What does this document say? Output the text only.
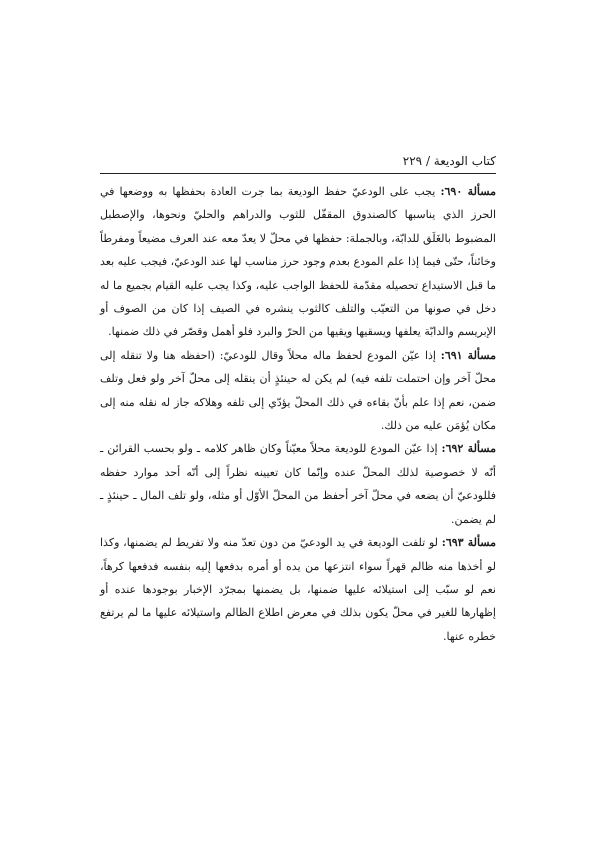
كتاب الوديعة / ٢٢٩

مسألة ٦٩٠: يجب على الودعيّ حفظ الوديعة بما جرت العادة بحفظها به ووضعها في الحرز الذي يناسبها كالصندوق المقفّل للثوب والدراهم والحليّ ونحوها، والإصطبل المضبوط بالغَلَق للدابّة، وبالجملة: حفظها في محلّ لا يعدّ معه عند العرف مضيعاً ومفرطاً وخائناً، حتّى فيما إذا علم المودع بعدم وجود حرز مناسب لها عند الودعيّ، فيجب عليه بعد ما قبل الاستيداع تحصيله مقدّمة للحفظ الواجب عليه، وكذا يجب عليه القيام بجميع ما له دخل في صونها من التعيّب والتلف كالثوب ينشره في الصيف إذا كان من الصوف أو الإبريسم والدابّة يعلفها ويسقيها ويقيها من الحرّ والبرد فلو أهمل وقصّر في ذلك ضمنها.

مسألة ٦٩١: إذا عيّن المودع لحفظ ماله محلاً وقال للودعيّ: (احفظه هنا ولا تنقله إلى محلّ آخر وإن احتملت تلفه فيه) لم يكن له حينئذٍ أن ينقله إلى محلّ آخر ولو فعل وتلف ضمن، نعم إذا علم بأنّ بقاءه في ذلك المحلّ يؤدّي إلى تلفه وهلاكه جاز له نقله منه إلى مكان يُؤمَن عليه من ذلك.

مسألة ٦٩٢: إذا عيّن المودع للوديعة محلاً معيّناً وكان ظاهر كلامه ـ ولو بحسب القرائن ـ أنّه لا خصوصية لذلك المحلّ عنده وإنّما كان تعيينه نظراً إلى أنّه أحد موارد حفظه فللودعيّ أن يضعه في محلّ آخر أحفظ من المحلّ الأوّل أو مثله، ولو تلف المال ـ حينئذٍ ـ لم يضمن.

مسألة ٦٩٣: لو تلفت الوديعة في يد الودعيّ من دون تعدّ منه ولا تفريط لم يضمنها، وكذا لو أخذها منه ظالم قهراً سواء انتزعها من يده أو أمره بدفعها إليه بنفسه فدفعها كرهاً، نعم لو سبّب إلى استيلائه عليها ضمنها، بل يضمنها بمجرّد الإخبار بوجودها عنده أو إظهارها للغير في محلّ يكون بذلك في معرض اطلاع الظالم واستيلائه عليها ما لم يرتفع خطره عنها.
